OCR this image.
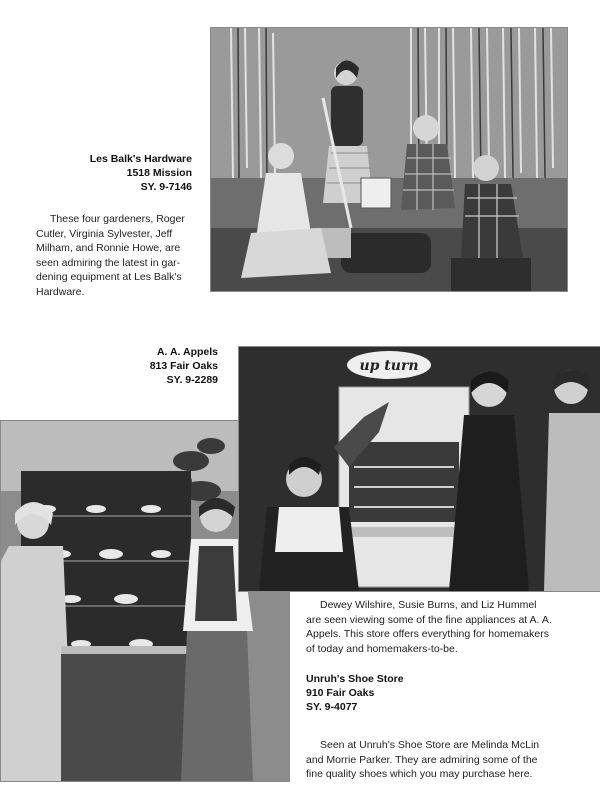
Les Balk's Hardware
1518 Mission
SY. 9-7146
These four gardeners, Roger
Cutler, Virginia Sylvester, Jeff
Milham, and Ronnie Howe, are
seen admiring the latest in gar-
dening equipment at Les Balk's
Hardware.
A. A. Appels
813 Fair Oaks
SY. 9-2289
up turn
Dewey Wilshire, Susie Burns, and Liz Hummel
are seen viewing some of the fine appliances at A. A.
Appels. This store offers everything for homemakers
of today and homemakers-to-be.
Unruh's Shoe Store
910 Fair Oaks
SY. 9-4077
Seen at Unruh's Shoe Store are Melinda McLin
and Morrie Parker. They are admiring some of the
fine quality shoes which you may purchase here.
